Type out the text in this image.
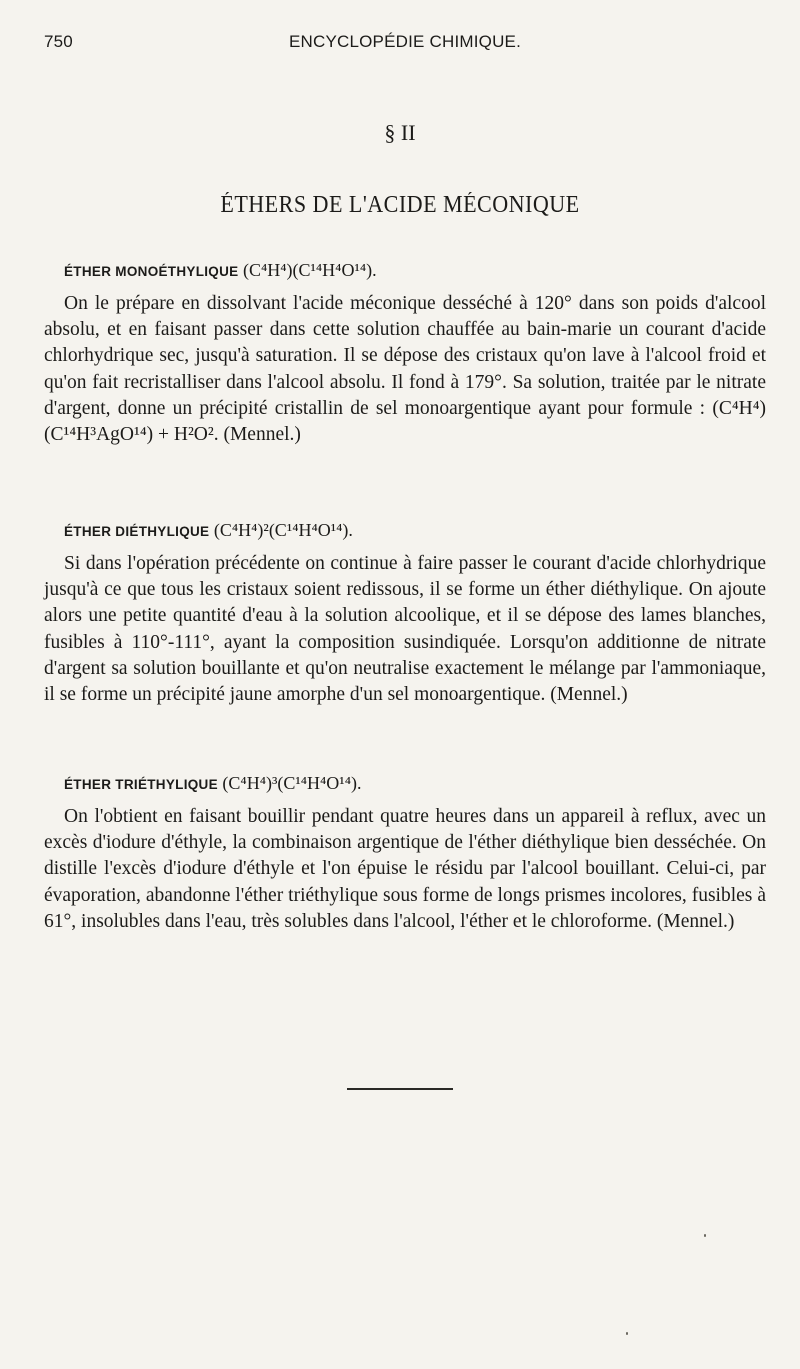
750	ENCYCLOPÉDIE CHIMIQUE.
§ II
ÉTHERS DE L'ACIDE MÉCONIQUE
ÉTHER MONOÉTHYLIQUE (C⁴H⁴)(C¹⁴H⁴O¹⁴).

On le prépare en dissolvant l'acide méconique desséché à 120° dans son poids d'alcool absolu, et en faisant passer dans cette solution chauffée au bain-marie un courant d'acide chlorhydrique sec, jusqu'à saturation. Il se dépose des cristaux qu'on lave à l'alcool froid et qu'on fait recristalliser dans l'alcool absolu. Il fond à 179°. Sa solution, traitée par le nitrate d'argent, donne un précipité cristallin de sel monoargentique ayant pour formule : (C⁴H⁴)(C¹⁴H³AgO¹⁴) + H²O². (Mennel.)

ÉTHER DIÉTHYLIQUE (C⁴H⁴)²(C¹⁴H⁴O¹⁴).

Si dans l'opération précédente on continue à faire passer le courant d'acide chlorhydrique jusqu'à ce que tous les cristaux soient redissous, il se forme un éther diéthylique. On ajoute alors une petite quantité d'eau à la solution alcoolique, et il se dépose des lames blanches, fusibles à 110°-111°, ayant la composition susindiquée. Lorsqu'on additionne de nitrate d'argent sa solution bouillante et qu'on neutralise exactement le mélange par l'ammoniaque, il se forme un précipité jaune amorphe d'un sel monoargentique. (Mennel.)

ÉTHER TRIÉTHYLIQUE (C⁴H⁴)³(C¹⁴H⁴O¹⁴).

On l'obtient en faisant bouillir pendant quatre heures dans un appareil à reflux, avec un excès d'iodure d'éthyle, la combinaison argentique de l'éther diéthylique bien desséchée. On distille l'excès d'iodure d'éthyle et l'on épuise le résidu par l'alcool bouillant. Celui-ci, par évaporation, abandonne l'éther triéthylique sous forme de longs prismes incolores, fusibles à 61°, insolubles dans l'eau, très solubles dans l'alcool, l'éther et le chloroforme. (Mennel.)
